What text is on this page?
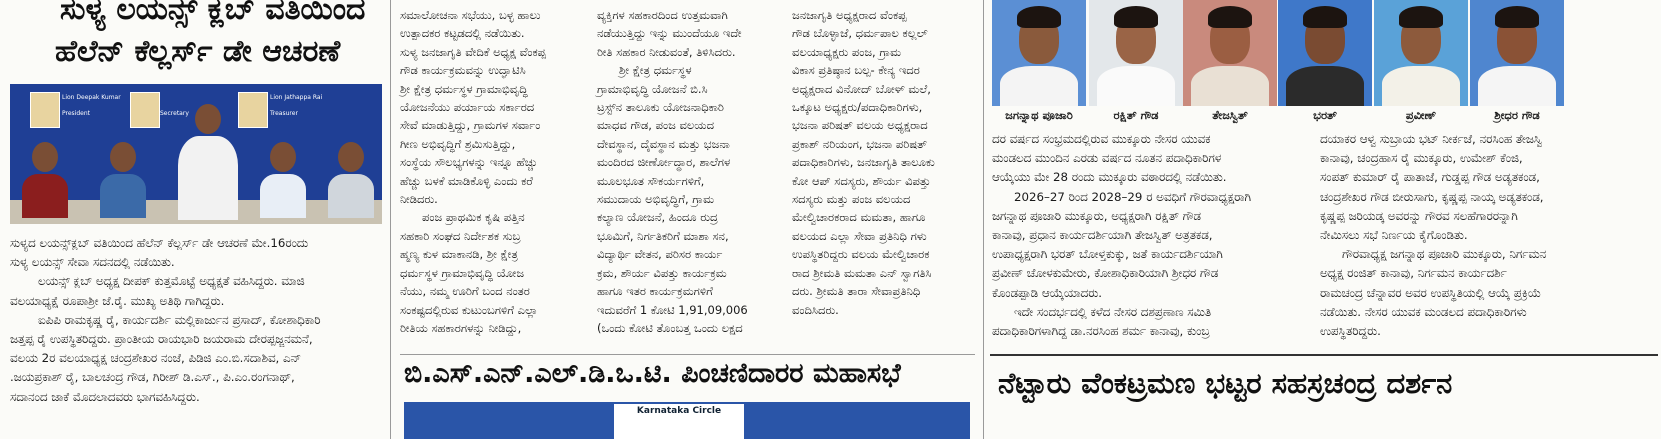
ಸುಳ್ಯ ಲಯನ್ಸ್ ಕ್ಲಬ್ ವತಿಯಿಂದ
ಹೆಲೆನ್ ಕೆಲ್ಲರ್ಸ್ ಡೇ ಆಚರಣೆ
Lion Deepak Kumar	Lion Jathappa Rai
President	Secretary	Treasurer

ಸುಳ್ಯದ ಲಯನ್ಸ್‌ಕ್ಲಬ್ ವತಿಯಿಂದ ಹೆಲೆನ್ ಕೆಲ್ಲರ್ಸ್ ಡೇ ಆಚರಣೆ ಮೇ.16ರಂದು

ಸುಳ್ಯ ಲಯನ್ಸ್ ಸೇವಾ ಸದನದಲ್ಲಿ ನಡೆಯಿತು.

ಲಯನ್ಸ್ ಕ್ಲಬ್ ಅಧ್ಯಕ್ಷ ದೀಪಕ್ ಕುತ್ತಮೊಟ್ಟೆ ಅಧ್ಯಕ್ಷತೆ ವಹಿಸಿದ್ದರು. ಮಾಜಿ

ವಲಯಾಧ್ಯಕ್ಷೆ ರೂಪಾಶ್ರೀ ಜೆ.ರೈ. ಮುಖ್ಯ ಅತಿಥಿ ಗಾಗಿದ್ದರು.

ಐಪಿಪಿ ರಾಮಕೃಷ್ಣ ರೈ, ಕಾರ್ಯದರ್ಶಿ ಮಲ್ಲಿಕಾರ್ಜುನ ಪ್ರಸಾದ್, ಕೋಶಾಧಿಕಾರಿ

ಜತ್ತಪ್ಪ ರೈ ಉಪಸ್ಥಿತರಿದ್ದರು. ಪ್ರಾಂತೀಯ ರಾಯಭಾರಿ ಜಯರಾಮ ದೇರಪ್ಪಜ್ಜನಮನೆ,

ವಲಯ 2ರ ವಲಯಾಧ್ಯಕ್ಷ ಚಂದ್ರಶೇಖರ ನಂಜೆ, ಪಿಡಿಜಿ ಎಂ.ಬಿ.ಸದಾಶಿವ, ಎನ್

.ಜಯಪ್ರಕಾಶ್ ರೈ, ಬಾಲಚಂದ್ರ ಗೌಡ, ಗಿರೀಶ್ ಡಿ.ಎಸ್., ಪಿ.ಎಂ.ರಂಗನಾಥ್,

ಸದಾನಂದ ಜಾಕೆ ಮೊದಲಾದವರು ಭಾಗವಹಿಸಿದ್ದರು.

ಸಮಾಲೋಚನಾ ಸಭೆಯು, ಬಳ್ಳ ಹಾಲು

ಉತ್ಪಾದಕರ ಕಟ್ಟಡದಲ್ಲಿ ನಡೆಯಿತು.

ಸುಳ್ಯ ಜನಜಾಗೃತಿ ವೇದಿಕೆ ಅಧ್ಯಕ್ಷ ವೆಂಕಪ್ಪ

ಗೌಡ ಕಾರ್ಯಕ್ರಮವನ್ನು ಉದ್ಘಾಟಿಸಿ

ಶ್ರೀ ಕ್ಷೇತ್ರ ಧರ್ಮಸ್ಥಳ ಗ್ರಾಮಾಭಿವೃದ್ಧಿ

ಯೋಜನೆಯು ಪರ್ಯಾಯ ಸರ್ಕಾರದ

ಸೇವೆ ಮಾಡುತ್ತಿದ್ದು, ಗ್ರಾಮಗಳ ಸರ್ವಾಂ

ಗೀಣ ಅಭಿವೃದ್ಧಿಗೆ ಶ್ರಮಿಸುತ್ತಿದ್ದು,

ಸಂಸ್ಥೆಯ ಸೌಲಭ್ಯಗಳನ್ನು ಇನ್ನೂ ಹೆಚ್ಚು

ಹೆಚ್ಚು ಬಳಕೆ ಮಾಡಿಕೊಳ್ಳಿ ಎಂದು ಕರೆ

ನೀಡಿದರು.

ಪಂಜ ಪ್ರಾಥಮಿಕ ಕೃಷಿ ಪತ್ತಿನ

ಸಹಕಾರಿ ಸಂಘದ ನಿರ್ದೇಶಕ ಸುಬ್ರ

ಹ್ಮಣ್ಯ ಕುಳ ಮಾಕಾನಡಿ, ಶ್ರೀ ಕ್ಷೇತ್ರ

ಧರ್ಮಸ್ಥಳ ಗ್ರಾಮಾಭಿವೃದ್ಧಿ ಯೋಜ

ನೆಯು, ನಮ್ಮ ಊರಿಗೆ ಬಂದ ನಂತರ

ಸಂಕಷ್ಟದಲ್ಲಿರುವ ಕುಟುಂಬಗಳಿಗೆ ಎಲ್ಲಾ

ರೀತಿಯ ಸಹಕಾರಗಳನ್ನು ನೀಡಿದ್ದು,

ವ್ಯಕ್ತಿಗಳ ಸಹಕಾರದಿಂದ ಉತ್ತಮವಾಗಿ

ನಡೆಯುತ್ತಿದ್ದು ಇನ್ನು ಮುಂದೆಯೂ ಇದೇ

ರೀತಿ ಸಹಕಾರ ನೀಡುವಂತೆ, ತಿಳಿಸಿದರು.

ಶ್ರೀ ಕ್ಷೇತ್ರ ಧರ್ಮಸ್ಥಳ

ಗ್ರಾಮಾಭಿವೃದ್ಧಿ ಯೋಜನೆ ಬಿ.ಸಿ

ಟ್ರಸ್ಟ್‌ನ ತಾಲೂಕು ಯೋಜನಾಧಿಕಾರಿ

ಮಾಧವ ಗೌಡ, ಪಂಜ ವಲಯದ

ದೇವಸ್ಥಾನ, ದೈವಸ್ಥಾನ ಮತ್ತು ಭಜನಾ

ಮಂದಿರದ ಜೀರ್ಣೋದ್ಧಾರ, ಶಾಲೆಗಳ

ಮೂಲಭೂತ ಸೌಕರ್ಯಗಳಿಗೆ,

ಸಮುದಾಯ ಅಭಿವೃದ್ಧಿಗೆ, ಗ್ರಾಮ

ಕಲ್ಯಾಣ ಯೋಜನೆ, ಹಿಂದೂ ರುದ್ರ

ಭೂಮಿಗೆ, ನಿರ್ಗತಿಕರಿಗೆ ಮಾಶಾ ಸನ,

ವಿದ್ಯಾರ್ಥಿ ವೇತನ, ಪರಿಸರ ಕಾರ್ಯ

ಕ್ರಮ, ಶೌರ್ಯ ವಿಪತ್ತು ಕಾರ್ಯಕ್ರಮ

ಹಾಗೂ ಇತರ ಕಾರ್ಯಕ್ರಮಗಳಿಗೆ

ಇದುವರೆಗೆ 1 ಕೋಟಿ 1,91,09,006

(ಒಂದು ಕೋಟಿ ತೊಂಬತ್ತ ಒಂದು ಲಕ್ಷದ

ಜನಜಾಗೃತಿ ಅಧ್ಯಕ್ಷರಾದ ವೆಂಕಪ್ಪ

ಗೌಡ ಬೊಳ್ಳಾಜೆ, ಧರ್ಮಪಾಲ ಕಲ್ಲಲ್

ವಲಯಾಧ್ಯಕ್ಷರು ಪಂಜ, ಗ್ರಾಮ

ವಿಕಾಸ ಪ್ರತಿಷ್ಠಾನ ಬಲ್ಪ- ಕೇನ್ಯ ಇದರ

ಅಧ್ಯಕ್ಷರಾದ ವಿನೋದ್ ಬೋಳ್ ಮಲೆ,

ಒಕ್ಕೂಟ ಅಧ್ಯಕ್ಷರು/ಪದಾಧಿಕಾರಿಗಳು,

ಭಜನಾ ಪರಿಷತ್ ವಲಯ ಅಧ್ಯಕ್ಷರಾದ

ಪ್ರಕಾಶ್ ನರಿಯಂಗ, ಭಜನಾ ಪರಿಷತ್

ಪದಾಧಿಕಾರಿಗಳು, ಜನಜಾಗೃತಿ ತಾಲೂಕು

ಕೋ ಆಪ್ ಸದಸ್ಯರು, ಶೌರ್ಯ ವಿಪತ್ತು

ಸದಸ್ಯರು ಮತ್ತು ಪಂಜ ವಲಯದ

ಮೇಲ್ವಿಚಾರಕರಾದ ಮಮತಾ, ಹಾಗೂ

ವಲಯದ ಎಲ್ಲಾ ಸೇವಾ ಪ್ರತಿನಿಧಿ ಗಳು

ಉಪಸ್ಥಿತರಿದ್ದರು ವಲಯ ಮೇಲ್ವಿಚಾರಕ

ರಾದ ಶ್ರೀಮತಿ ಮಮತಾ ಎನ್ ಸ್ವಾಗತಿಸಿ

ದರು. ಶ್ರೀಮತಿ ತಾರಾ ಸೇವಾಪ್ರತಿನಿಧಿ

ವಂದಿಸಿದರು.

ಬಿ.ಎಸ್.ಎನ್.ಎಲ್.ಡಿ.ಒ.ಟಿ. ಪಿಂಚಣಿದಾರರ ಮಹಾಸಭೆ
Karnataka Circle
ಜಗನ್ನಾಥ ಪೂಜಾರಿ	ರಕ್ಷಿತ್ ಗೌಡ	ತೇಜಸ್ವಿತ್	ಭರತ್	ಪ್ರವೀಣ್	ಶ್ರೀಧರ ಗೌಡ

ದರ ವರ್ಷದ ಸಂಭ್ರಮದಲ್ಲಿರುವ ಮುಕ್ಕೂರು ನೇಸರ ಯುವಕ

ಮಂಡಲದ ಮುಂದಿನ ಎರಡು ವರ್ಷದ ನೂತನ ಪದಾಧಿಕಾರಿಗಳ

ಆಯ್ಕೆಯು ಮೇ 28 ರಂದು ಮುಕ್ಕೂರು ವಠಾರದಲ್ಲಿ ನಡೆಯಿತು.

2026–27 ರಿಂದ 2028–29 ರ ಅವಧಿಗೆ ಗೌರವಾಧ್ಯಕ್ಷರಾಗಿ

ಜಗನ್ನಾಥ ಪೂಜಾರಿ ಮುಕ್ಕೂರು, ಅಧ್ಯಕ್ಷರಾಗಿ ರಕ್ಷಿತ್ ಗೌಡ

ಕಾನಾವು, ಪ್ರಧಾನ ಕಾರ್ಯದರ್ಶಿಯಾಗಿ ತೇಜಸ್ವಿತ್ ಅತ್ರತಕಡ,

ಉಪಾಧ್ಯಕ್ಷರಾಗಿ ಭರತ್ ಬೋಳ್ತಕುಕ್ಕು, ಜತೆ ಕಾರ್ಯದರ್ಶಿಯಾಗಿ

ಪ್ರವೀಣ್ ಚೋಳಕುಮೇರು, ಕೋಶಾಧಿಕಾರಿಯಾಗಿ ಶ್ರೀಧರ ಗೌಡ

ಕೊಂಡಪ್ಪಾಡಿ ಆಯ್ಕೆಯಾದರು.

ಇದೇ ಸಂದರ್ಭದಲ್ಲಿ ಕಳೆದ ನೇಸರ ದಶಪ್ರಣಾಣ ಸಮಿತಿ

ಪದಾಧಿಕಾರಿಗಳಾಗಿದ್ದ ಡಾ.ನರಸಿಂಹ ಶರ್ಮ ಕಾನಾವು, ಕುಂಬ್ರ

ದಯಾಕರ ಆಳ್ವ ಸುಬ್ರಾಯ ಭಟ್ ನೀರ್ಕಜೆ, ನರಸಿಂಹ ತೇಜಸ್ವಿ

ಕಾನಾವು, ಚಂದ್ರಹಾಸ ರೈ ಮುಕ್ಕೂರು, ಉಮೇಶ್ ಕೆಂಜಿ,

ಸಂಪತ್ ಕುಮಾರ್ ರೈ ಪಾತಾಜೆ, ಗುಡ್ಡಪ್ಪ ಗೌಡ ಅಡ್ಯತಕಂಡ,

ಚಂದ್ರಶೇಖರ ಗೌಡ ಬೀರುಸಾಗು, ಕೃಷ್ಣಪ್ಪ ನಾಯ್ಕ ಅಡ್ಯತಕಂಡ,

ಕೃಷ್ಣಪ್ಪ ಜರಿಯಡ್ಕ ಅವರನ್ನು ಗೌರವ ಸಲಹೆಗಾರರನ್ನಾಗಿ

ನೇಮಿಸಲು ಸಭೆ ನಿರ್ಣಯ ಕೈಗೊಂಡಿತು.

ಗೌರವಾಧ್ಯಕ್ಷ ಜಗನ್ನಾಥ ಪೂಜಾರಿ ಮುಕ್ಕೂರು, ನಿರ್ಗಮನ

ಅಧ್ಯಕ್ಷ ರಂಜಿತ್ ಕಾನಾವು, ನಿರ್ಗಮನ ಕಾರ್ಯದರ್ಶಿ

ರಾಮಚಂದ್ರ ಚೆನ್ನಾವರ ಅವರ ಉಪಸ್ಥಿತಿಯಲ್ಲಿ ಆಯ್ಕೆ ಪ್ರಕ್ರಿಯೆ

ನಡೆಯಿತು. ನೇಸರ ಯುವಕ ಮಂಡಲದ ಪದಾಧಿಕಾರಿಗಳು

ಉಪಸ್ಥಿತರಿದ್ದರು.

ನೆಟ್ಟಾರು ವೆಂಕಟ್ರಮಣ ಭಟ್ಟರ ಸಹಸ್ರಚಂದ್ರ ದರ್ಶನ
